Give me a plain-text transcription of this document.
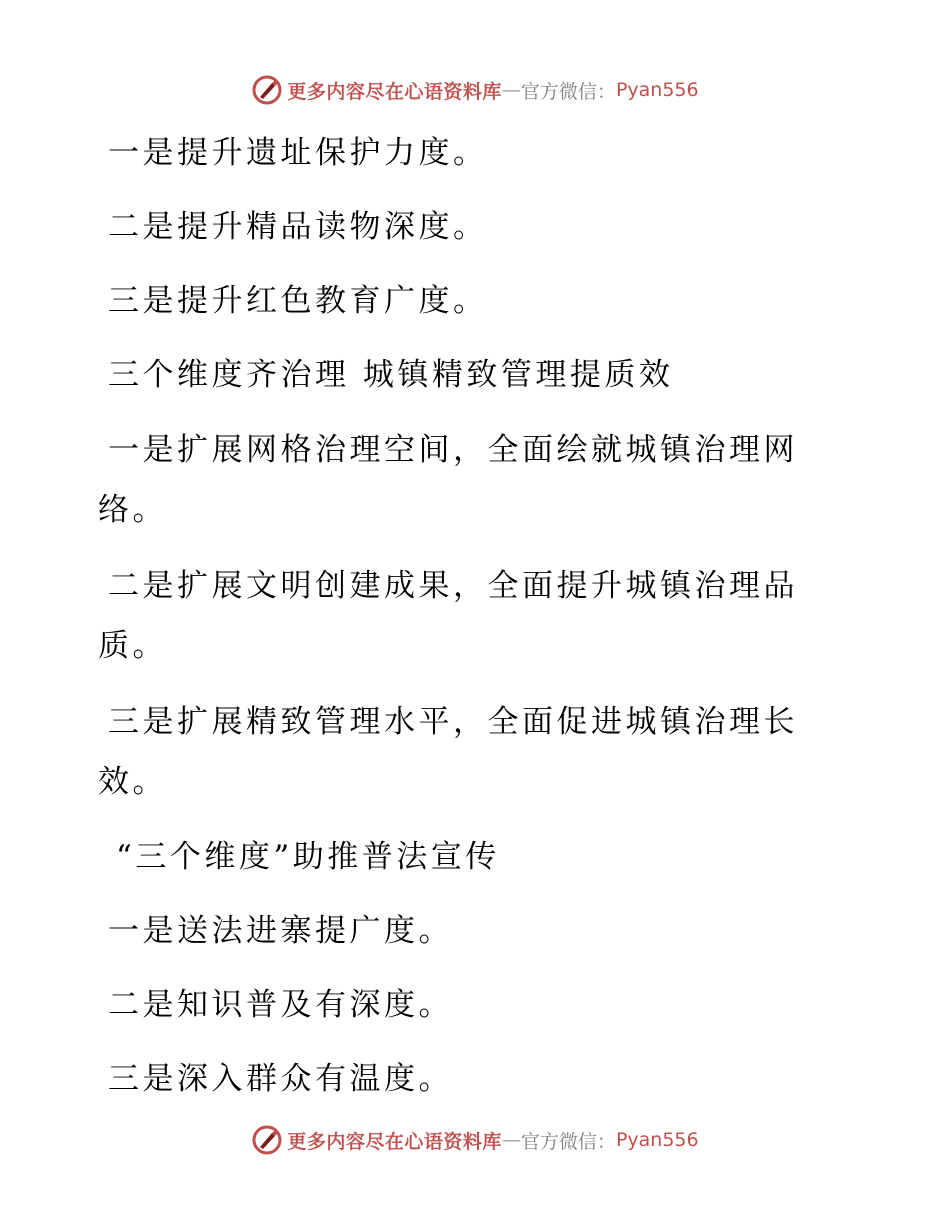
更多内容尽在心语资料库 — 官方微信： Pyan556

一是提升遗址保护力度。

二是提升精品读物深度。

三是提升红色教育广度。

三个维度齐治理 城镇精致管理提质效

一是扩展网格治理空间，全面绘就城镇治理网络。

二是扩展文明创建成果，全面提升城镇治理品质。

三是扩展精致管理水平，全面促进城镇治理长效。

“三个维度”助推普法宣传

一是送法进寨提广度。

二是知识普及有深度。

三是深入群众有温度。

更多内容尽在心语资料库 — 官方微信： Pyan556
